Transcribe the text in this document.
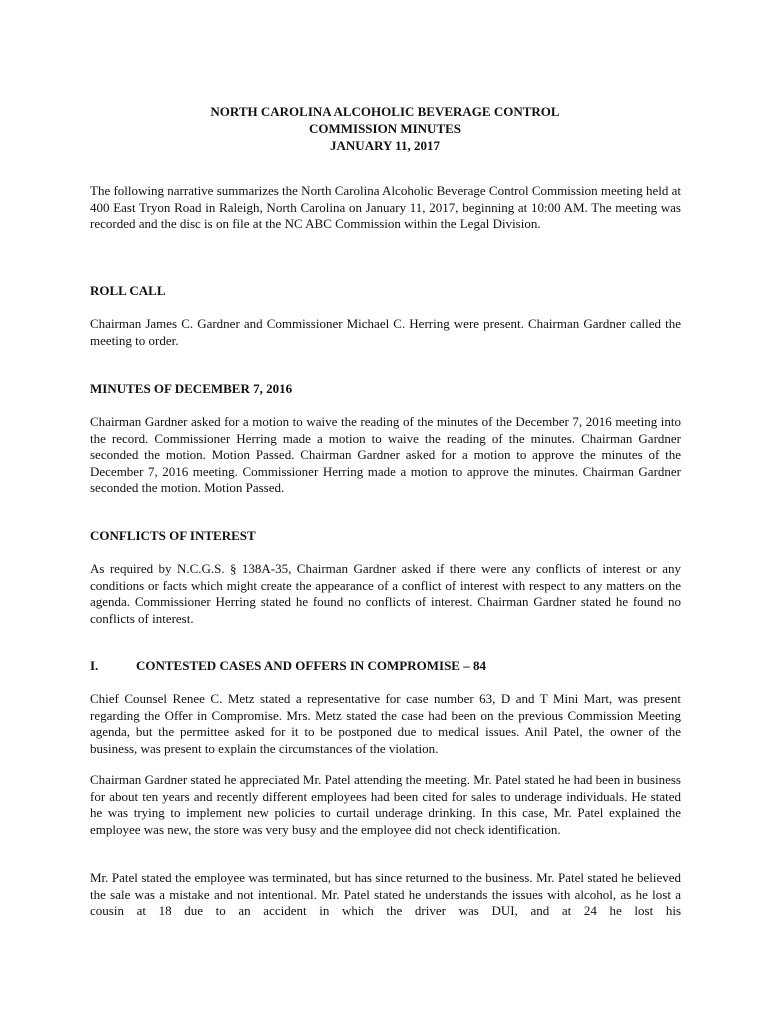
NORTH CAROLINA ALCOHOLIC BEVERAGE CONTROL
COMMISSION MINUTES
JANUARY 11, 2017

The following narrative summarizes the North Carolina Alcoholic Beverage Control Commission meeting held at 400 East Tryon Road in Raleigh, North Carolina on January 11, 2017, beginning at 10:00 AM. The meeting was recorded and the disc is on file at the NC ABC Commission within the Legal Division.

ROLL CALL

Chairman James C. Gardner and Commissioner Michael C. Herring were present. Chairman Gardner called the meeting to order.

MINUTES OF DECEMBER 7, 2016

Chairman Gardner asked for a motion to waive the reading of the minutes of the December 7, 2016 meeting into the record. Commissioner Herring made a motion to waive the reading of the minutes. Chairman Gardner seconded the motion. Motion Passed. Chairman Gardner asked for a motion to approve the minutes of the December 7, 2016 meeting. Commissioner Herring made a motion to approve the minutes. Chairman Gardner seconded the motion. Motion Passed.

CONFLICTS OF INTEREST

As required by N.C.G.S. § 138A-35, Chairman Gardner asked if there were any conflicts of interest or any conditions or facts which might create the appearance of a conflict of interest with respect to any matters on the agenda. Commissioner Herring stated he found no conflicts of interest. Chairman Gardner stated he found no conflicts of interest.

I.	CONTESTED CASES AND OFFERS IN COMPROMISE – 84

Chief Counsel Renee C. Metz stated a representative for case number 63, D and T Mini Mart, was present regarding the Offer in Compromise. Mrs. Metz stated the case had been on the previous Commission Meeting agenda, but the permittee asked for it to be postponed due to medical issues. Anil Patel, the owner of the business, was present to explain the circumstances of the violation.

Chairman Gardner stated he appreciated Mr. Patel attending the meeting. Mr. Patel stated he had been in business for about ten years and recently different employees had been cited for sales to underage individuals. He stated he was trying to implement new policies to curtail underage drinking. In this case, Mr. Patel explained the employee was new, the store was very busy and the employee did not check identification.

Mr. Patel stated the employee was terminated, but has since returned to the business. Mr. Patel stated he believed the sale was a mistake and not intentional. Mr. Patel stated he understands the issues with alcohol, as he lost a cousin at 18 due to an accident in which the driver was DUI, and at 24 he lost his
